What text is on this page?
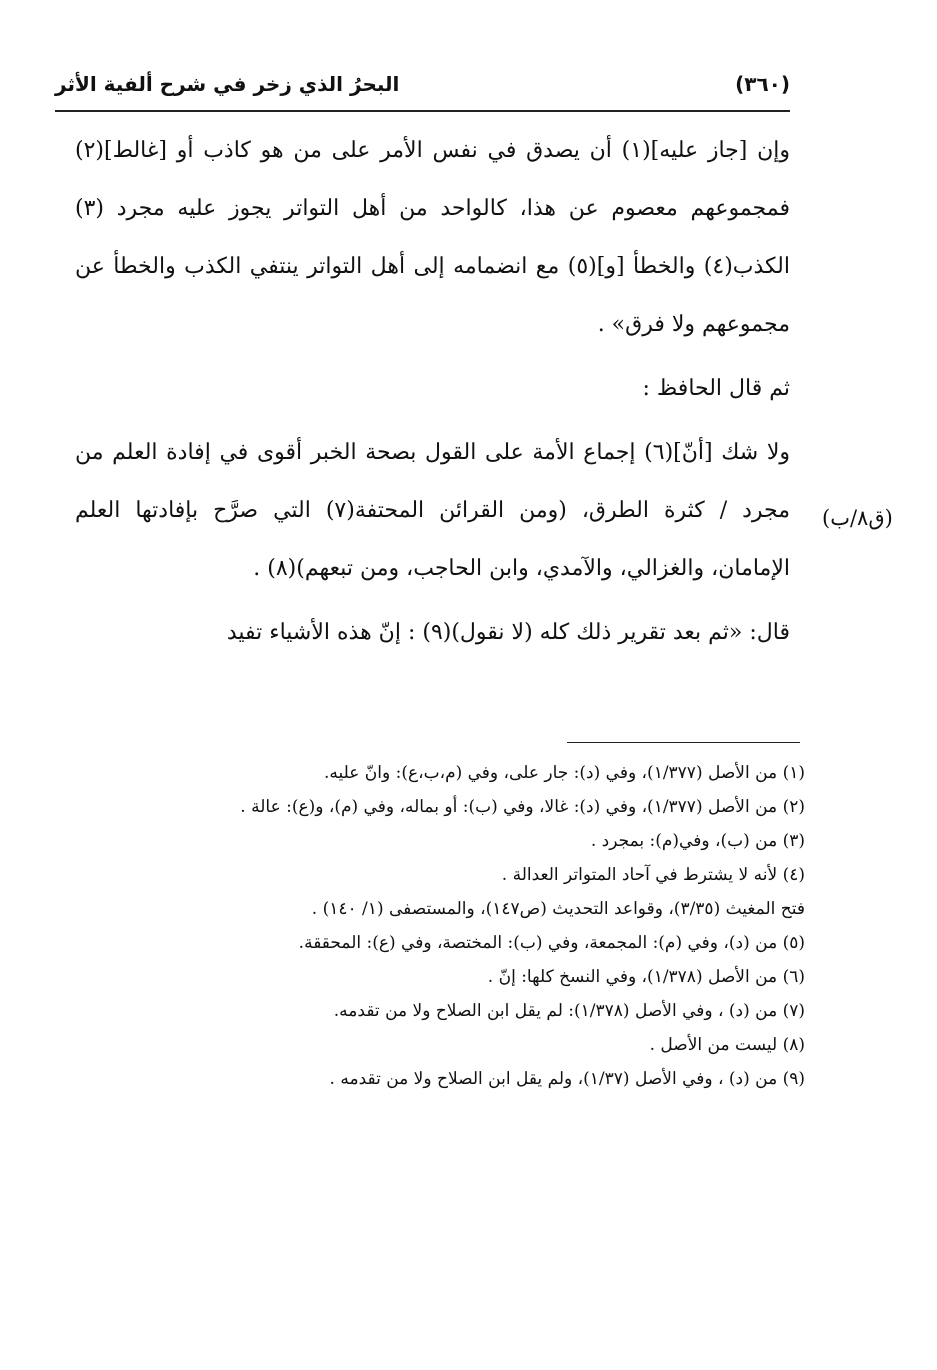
(٣٦٠)
البحرُ الذي زخر في شرح ألفية الأثر
(ق٨/ب)

وإن [جاز عليه](١) أن يصدق في نفس الأمر على من هو كاذب أو [غالط](٢) فمجموعهم معصوم عن هذا، كالواحد من أهل التواتر يجوز عليه مجرد (٣) الكذب(٤) والخطأ [و](٥) مع انضمامه إلى أهل التواتر ينتفي الكذب والخطأ عن مجموعهم ولا فرق» .

ثم قال الحافظ :

ولا شك [أنّ](٦) إجماع الأمة على القول بصحة الخبر أقوى في إفادة العلم من مجرد / كثرة الطرق، (ومن القرائن المحتفة(٧) التي صرَّح بإفادتها العلم الإمامان، والغزالي، والآمدي، وابن الحاجب، ومن تبعهم)(٨) .

قال: «ثم بعد تقرير ذلك كله (لا نقول)(٩) : إنّ هذه الأشياء تفيد

(١) من الأصل (١/٣٧٧)، وفي (د): جار على، وفي (م،ب،ع): وانّ عليه.

(٢) من الأصل (١/٣٧٧)، وفي (د): غالا، وفي (ب): أو بماله، وفي (م)، و(ع): عالة .

(٣) من (ب)، وفي(م): بمجرد .

(٤) لأنه لا يشترط في آحاد المتواتر العدالة .

فتح المغيث (٣/٣٥)، وقواعد التحديث (ص١٤٧)، والمستصفى (١/ ١٤٠) .

(٥) من (د)، وفي (م): المجمعة، وفي (ب): المختصة، وفي (ع): المحققة.

(٦) من الأصل (١/٣٧٨)، وفي النسخ كلها: إنّ .

(٧) من (د) ، وفي الأصل (١/٣٧٨): لم يقل ابن الصلاح ولا من تقدمه.

(٨) ليست من الأصل .

(٩) من (د) ، وفي الأصل (١/٣٧)، ولم يقل ابن الصلاح ولا من تقدمه .
